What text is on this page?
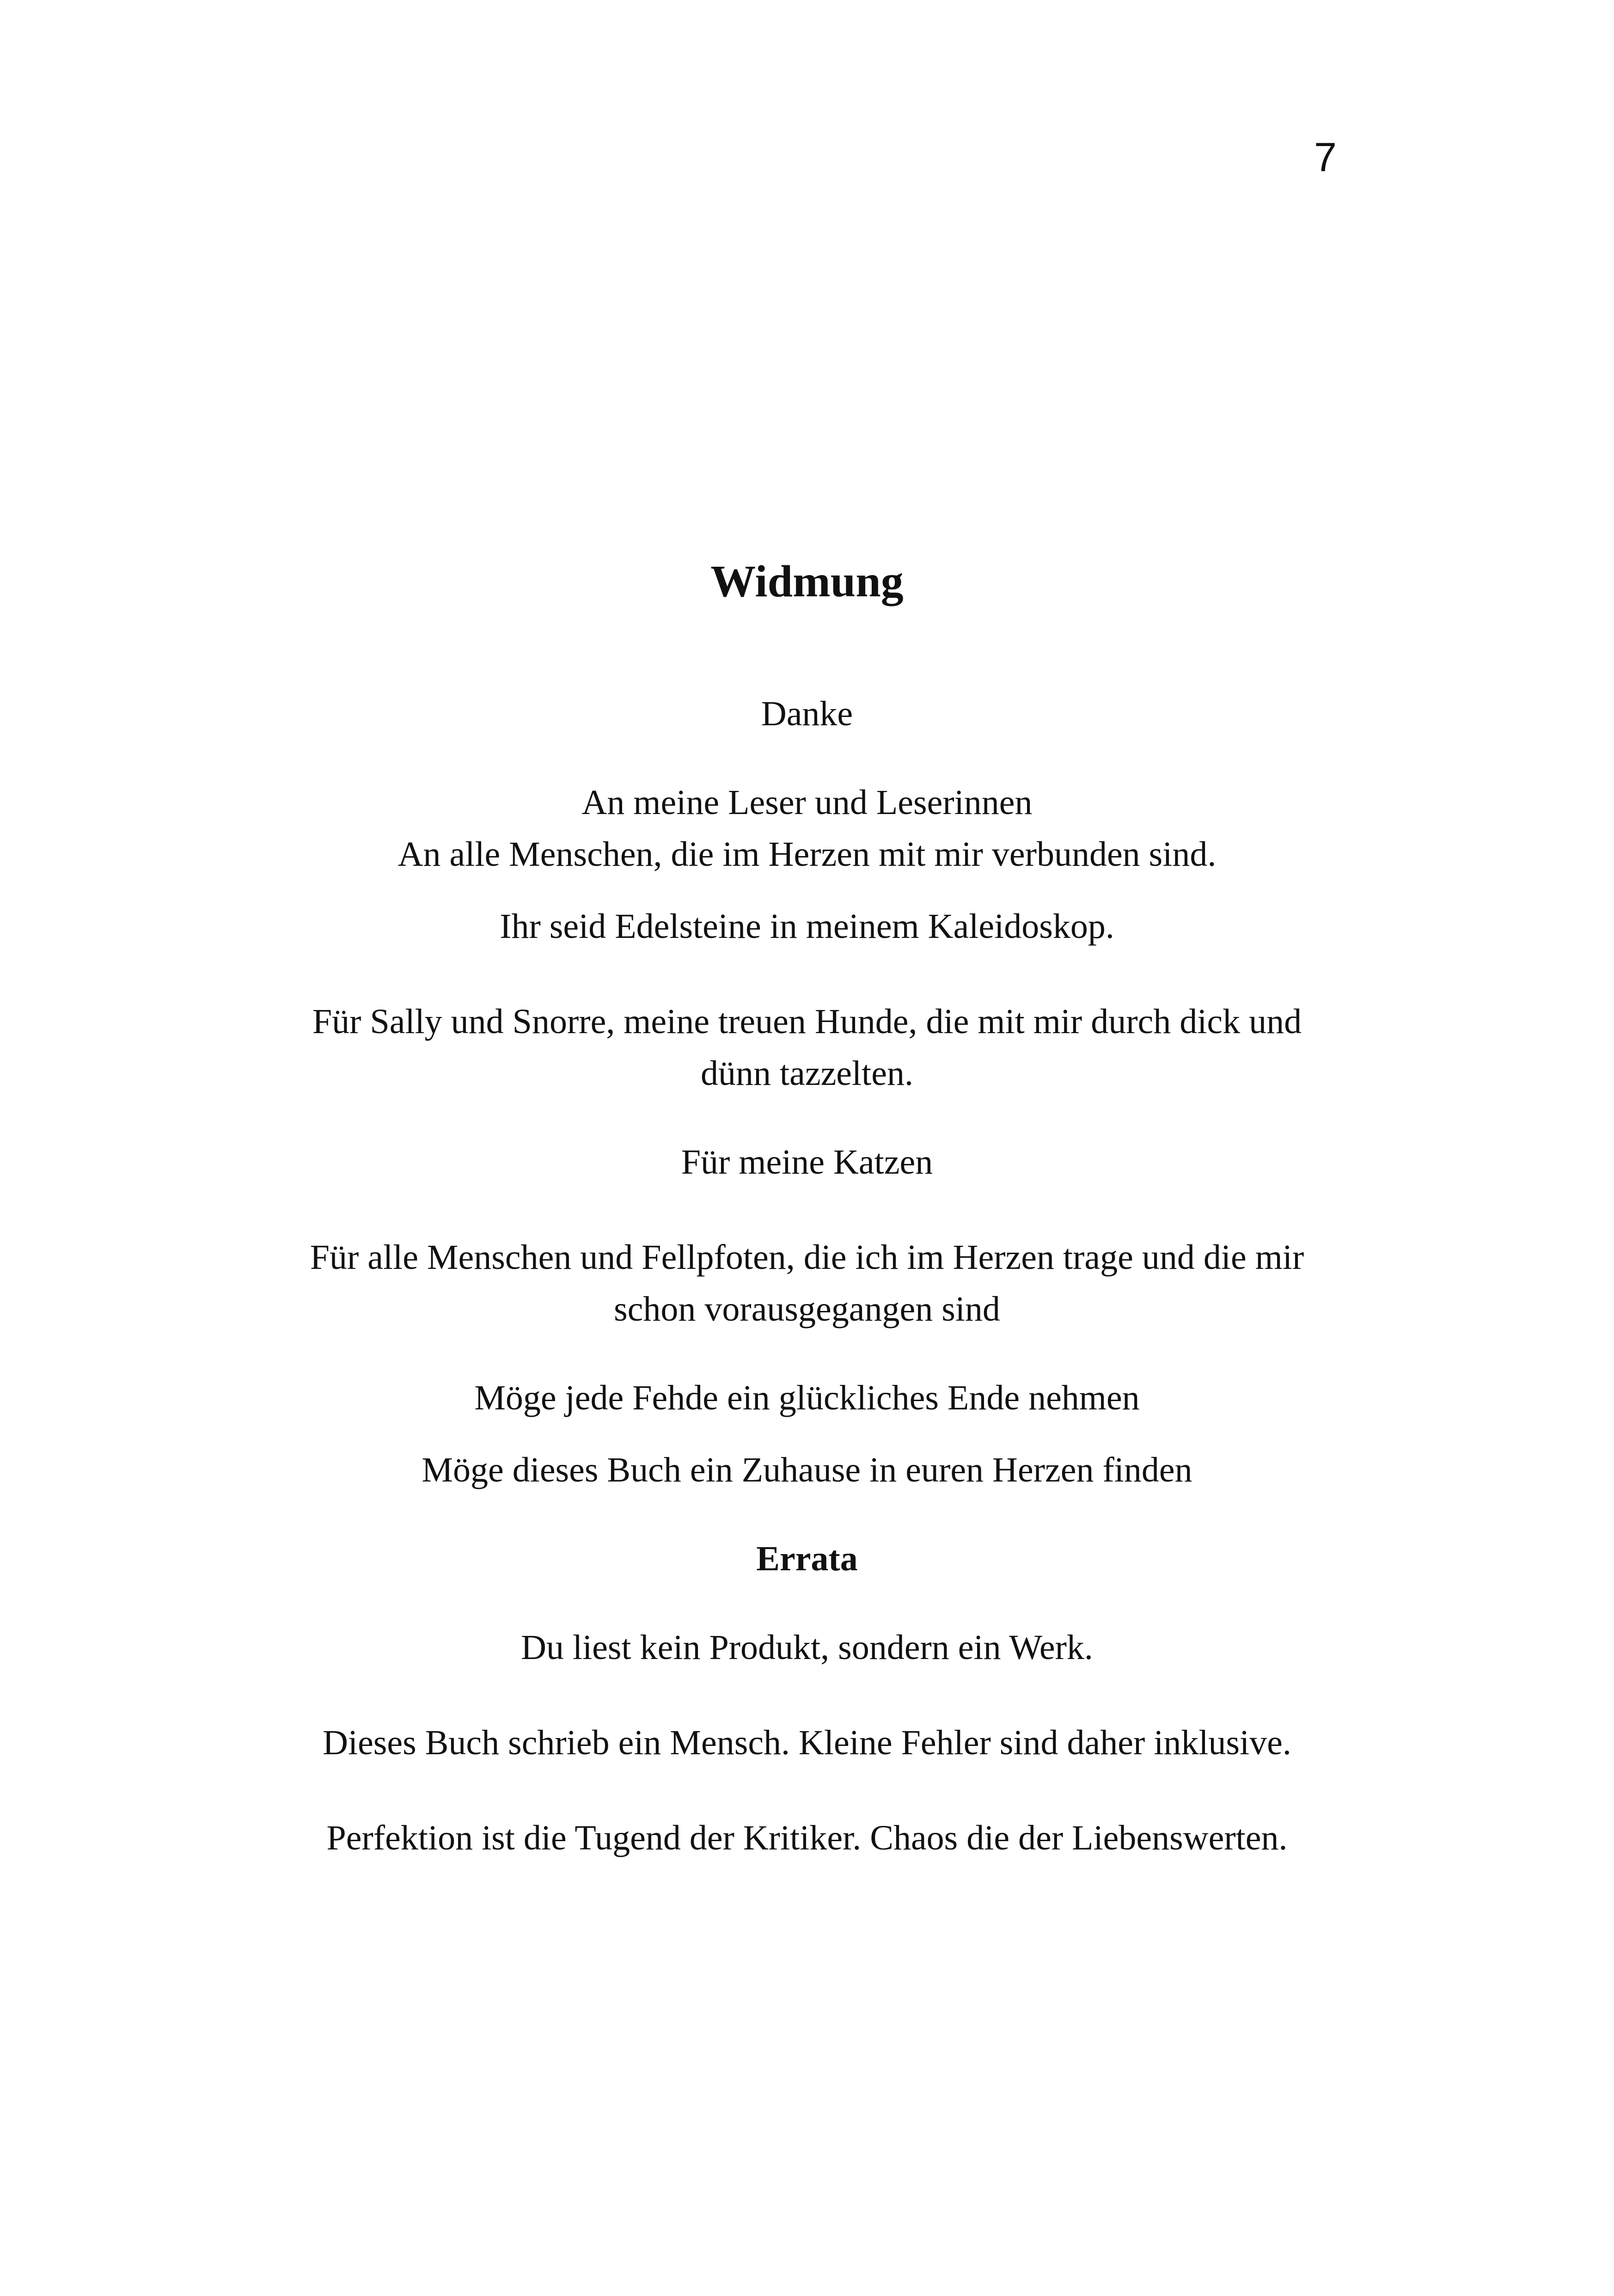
7
Widmung

Danke

An meine Leser und Leserinnen
An alle Menschen, die im Herzen mit mir verbunden sind.

Ihr seid Edelsteine in meinem Kaleidoskop.

Für Sally und Snorre, meine treuen Hunde, die mit mir durch dick und
dünn tazzelten.

Für meine Katzen

Für alle Menschen und Fellpfoten, die ich im Herzen trage und die mir
schon vorausgegangen sind

Möge jede Fehde ein glückliches Ende nehmen

Möge dieses Buch ein Zuhause in euren Herzen finden

Errata

Du liest kein Produkt, sondern ein Werk.

Dieses Buch schrieb ein Mensch. Kleine Fehler sind daher inklusive.

Perfektion ist die Tugend der Kritiker. Chaos die der Liebenswerten.
